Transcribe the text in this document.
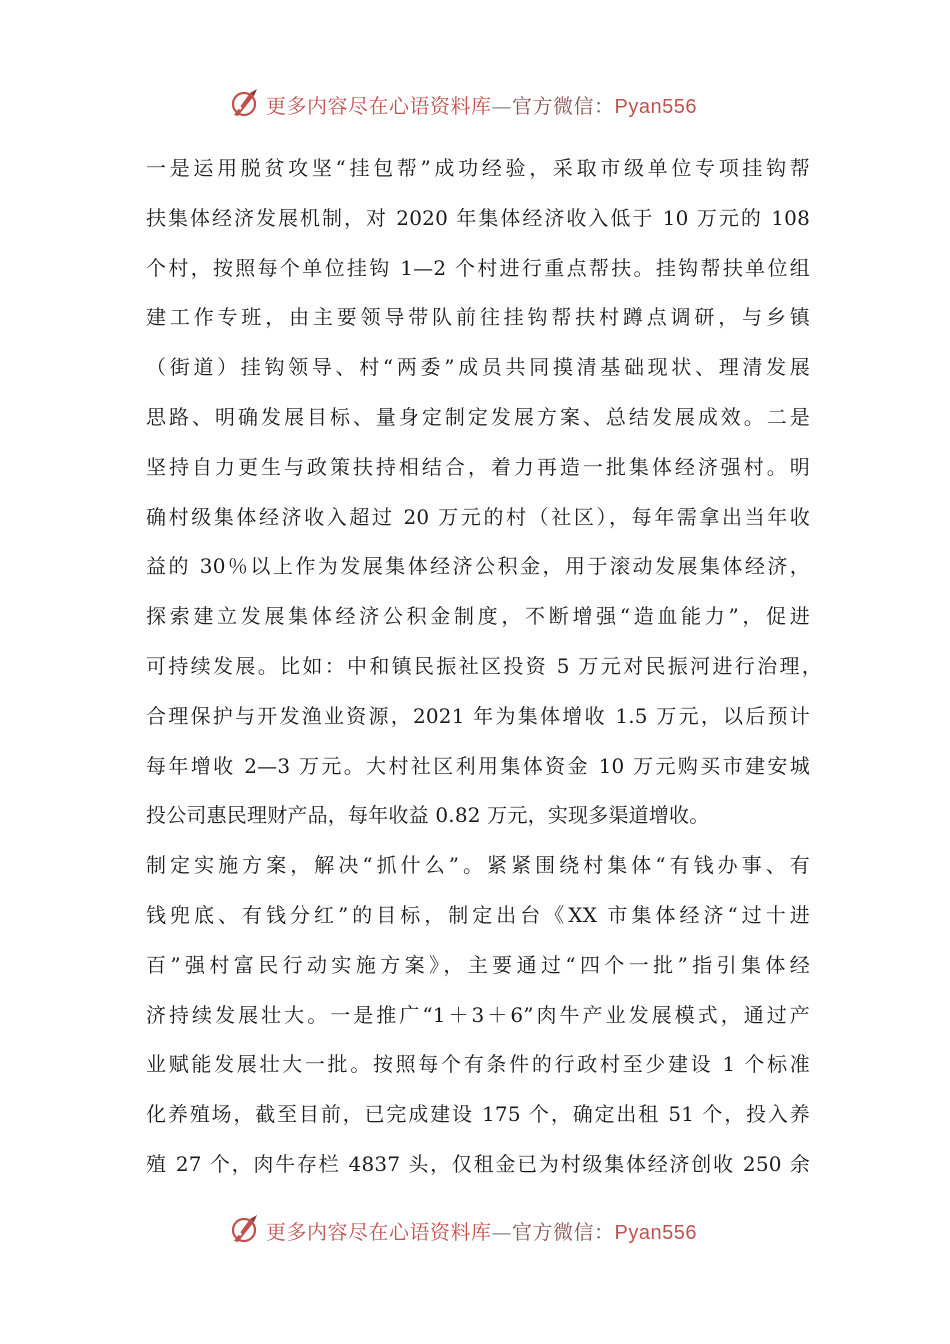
更多内容尽在心语资料库—官方微信：Pyan556
一是运用脱贫攻坚“挂包帮”成功经验，采取市级单位专项挂钩帮
扶集体经济发展机制，对 2020 年集体经济收入低于 10 万元的 108
个村，按照每个单位挂钩 1—2 个村进行重点帮扶。挂钩帮扶单位组
建工作专班，由主要领导带队前往挂钩帮扶村蹲点调研，与乡镇
（街道）挂钩领导、村“两委”成员共同摸清基础现状、理清发展
思路、明确发展目标、量身定制定发展方案、总结发展成效。二是
坚持自力更生与政策扶持相结合，着力再造一批集体经济强村。明
确村级集体经济收入超过 20 万元的村（社区），每年需拿出当年收
益的 30％以上作为发展集体经济公积金，用于滚动发展集体经济，
探索建立发展集体经济公积金制度，不断增强“造血能力”，促进
可持续发展。比如：中和镇民振社区投资 5 万元对民振河进行治理，
合理保护与开发渔业资源，2021 年为集体增收 1.5 万元，以后预计
每年增收 2—3 万元。大村社区利用集体资金 10 万元购买市建安城
投公司惠民理财产品，每年收益 0.82 万元，实现多渠道增收。
制定实施方案，解决“抓什么”。紧紧围绕村集体“有钱办事、有
钱兜底、有钱分红”的目标，制定出台《XX 市集体经济“过十进
百”强村富民行动实施方案》，主要通过“四个一批”指引集体经
济持续发展壮大。一是推广“1＋3＋6”肉牛产业发展模式，通过产
业赋能发展壮大一批。按照每个有条件的行政村至少建设 1 个标准
化养殖场，截至目前，已完成建设 175 个，确定出租 51 个，投入养
殖 27 个，肉牛存栏 4837 头，仅租金已为村级集体经济创收 250 余
更多内容尽在心语资料库—官方微信：Pyan556
